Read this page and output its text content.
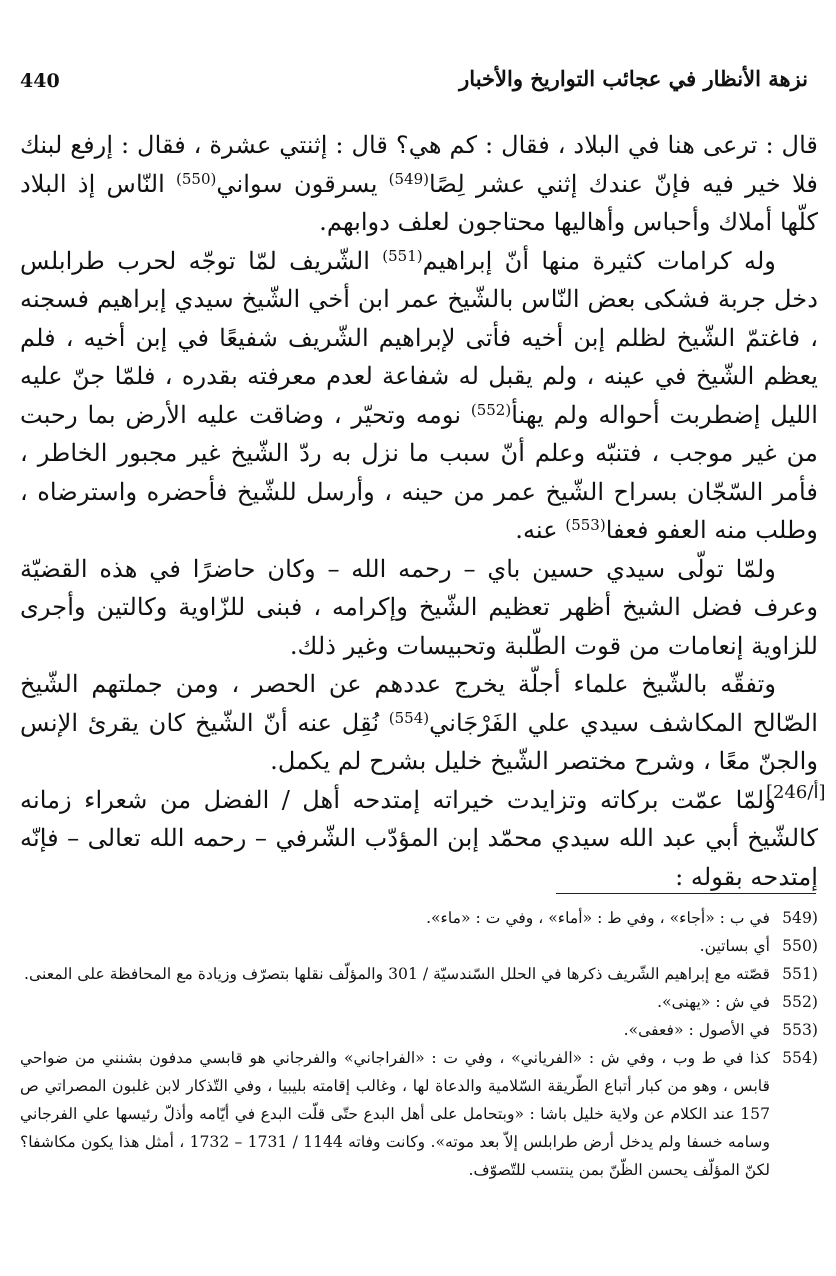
نزهة الأنظار في عجائب التواريخ والأخبار
440

قال : ترعى هنا في البلاد ، فقال : كم هي؟ قال : إثنتي عشرة ، فقال : إرفع لبنك فلا خير فيه فإنّ عندك إثني عشر لِصًا$^{(549)}$ يسرقون سواني$^{(550)}$ النّاس إذ البلاد كلّها أملاك وأحباس وأهاليها محتاجون لعلف دوابهم.

وله كرامات كثيرة منها أنّ إبراهيم$^{(551)}$ الشّريف لمّا توجّه لحرب طرابلس دخل جربة فشكى بعض النّاس بالشّيخ عمر ابن أخي الشّيخ سيدي إبراهيم فسجنه ، فاغتمّ الشّيخ لظلم إبن أخيه فأتى لإبراهيم الشّريف شفيعًا في إبن أخيه ، فلم يعظم الشّيخ في عينه ، ولم يقبل له شفاعة لعدم معرفته بقدره ، فلمّا جنّ عليه الليل إضطربت أحواله ولم يهنأ$^{(552)}$ نومه وتحيّر ، وضاقت عليه الأرض بما رحبت من غير موجب ، فتنبّه وعلم أنّ سبب ما نزل به ردّ الشّيخ غير مجبور الخاطر ، فأمر السّجّان بسراح الشّيخ عمر من حينه ، وأرسل للشّيخ فأحضره واسترضاه ، وطلب منه العفو فعفا$^{(553)}$ عنه.

ولمّا تولّى سيدي حسين باي – رحمه الله – وكان حاضرًا في هذه القضيّة وعرف فضل الشيخ أظهر تعظيم الشّيخ وإكرامه ، فبنى للزّاوية وكالتين وأجرى للزاوية إنعامات من قوت الطّلبة وتحبيسات وغير ذلك.

وتفقّه بالشّيخ علماء أجلّة يخرج عددهم عن الحصر ، ومن جملتهم الشّيخ الصّالح المكاشف سيدي علي الفَرْجَاني$^{(554)}$ نُقِل عنه أنّ الشّيخ كان يقرئ الإنس والجنّ معًا ، وشرح مختصر الشّيخ خليل بشرح لم يكمل.

ولمّا عمّت بركاته وتزايدت خيراته إمتدحه أهل / الفضل من شعراء زمانه كالشّيخ أبي عبد الله سيدي محمّد إبن المؤدّب الشّرفي – رحمه الله تعالى – فإنّه إمتدحه بقوله :

[246/أ]
(549
في ب : «أجاء» ، وفي ط : «أماء» ، وفي ت : «ماء».
(550
أي بساتين.
(551
قصّته مع إبراهيم الشّريف ذكرها في الحلل السّندسيّة / 301 والمؤلّف نقلها بتصرّف وزيادة مع المحافظة على المعنى.
(552
في ش : «يهنى».
(553
في الأصول : «فعفى».
(554
كذا في ط وب ، وفي ش : «الفرياني» ، وفي ت : «الفراجاني» والفرجاني هو قابسي مدفون بشنني من ضواحي قابس ، وهو من كبار أتباع الطّريقة السّلامية والدعاة لها ، وغالب إقامته بليبيا ، وفي التّذكار لابن غلبون المصراتي ص 157 عند الكلام عن ولاية خليل باشا : «وبتحامل على أهل البدع حتّى قلّت البدع في أيّامه وأذلّ رئيسها علي الفرجاني وسامه خسفا ولم يدخل أرض طرابلس إلاّ بعد موته». وكانت وفاته 1144 / 1731 – 1732 ، أمثل هذا يكون مكاشفا؟ لكنّ المؤلّف يحسن الظّنّ بمن ينتسب للتّصوّف.
